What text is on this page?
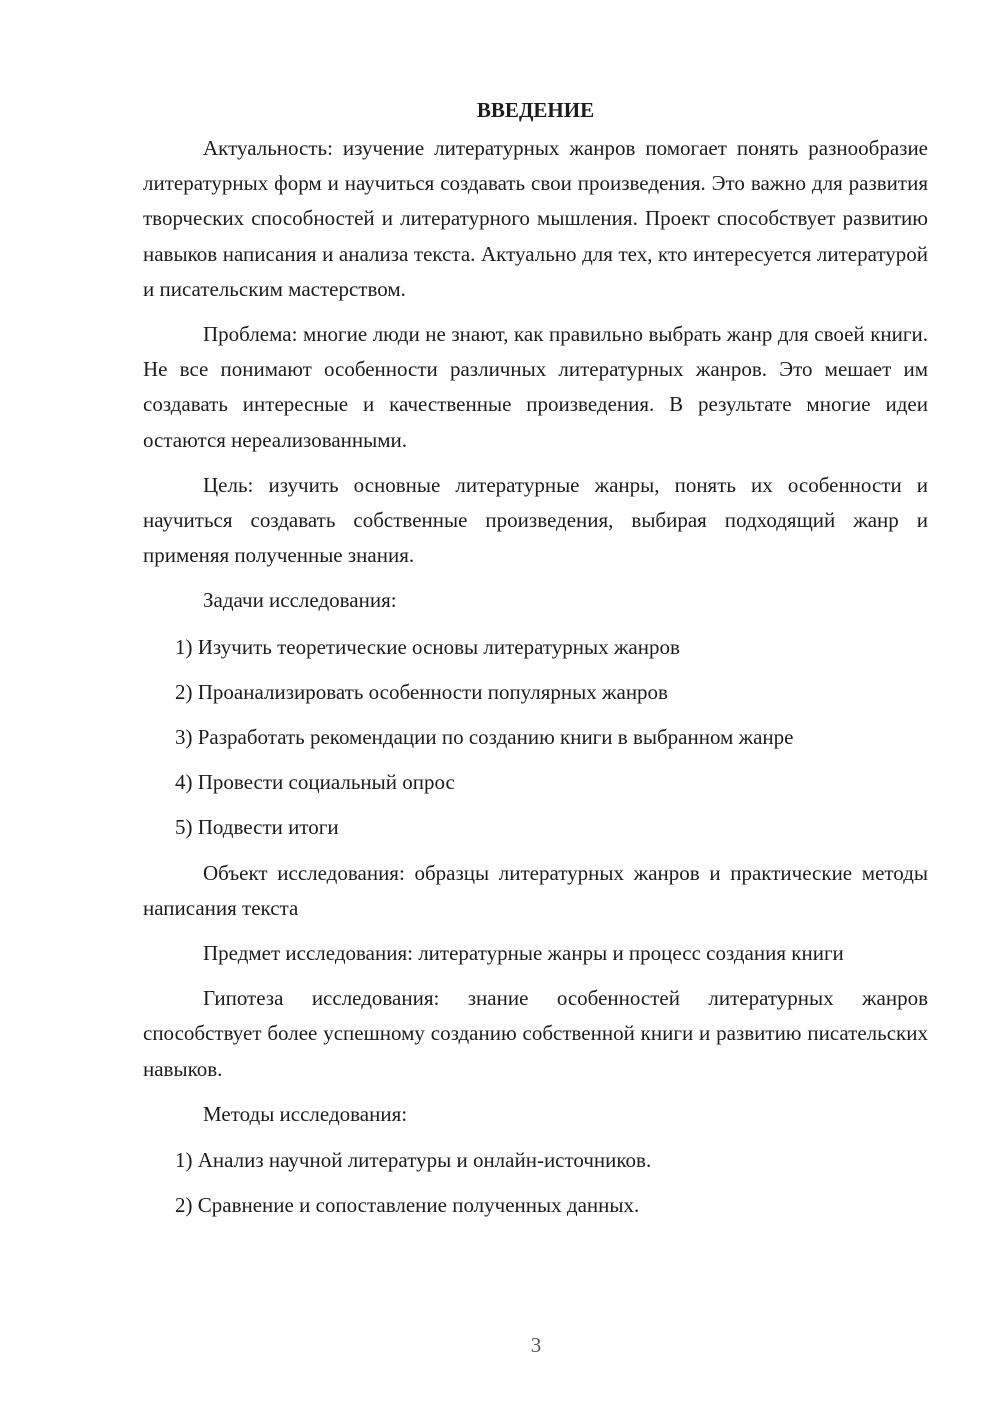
ВВЕДЕНИЕ

Актуальность: изучение литературных жанров помогает понять разнообразие литературных форм и научиться создавать свои произведения. Это важно для развития творческих способностей и литературного мышления. Проект способствует развитию навыков написания и анализа текста. Актуально для тех, кто интересуется литературой и писательским мастерством.

Проблема: многие люди не знают, как правильно выбрать жанр для своей книги. Не все понимают особенности различных литературных жанров. Это мешает им создавать интересные и качественные произведения. В результате многие идеи остаются нереализованными.

Цель: изучить основные литературные жанры, понять их особенности и научиться создавать собственные произведения, выбирая подходящий жанр и применяя полученные знания.

Задачи исследования:

1) Изучить теоретические основы литературных жанров
2) Проанализировать особенности популярных жанров
3) Разработать рекомендации по созданию книги в выбранном жанре
4) Провести социальный опрос
5) Подвести итоги

Объект исследования: образцы литературных жанров и практические методы написания текста

Предмет исследования: литературные жанры и процесс создания книги

Гипотеза исследования: знание особенностей литературных жанров способствует более успешному созданию собственной книги и развитию писательских навыков.

Методы исследования:

1) Анализ научной литературы и онлайн-источников.
2) Сравнение и сопоставление полученных данных.
3
